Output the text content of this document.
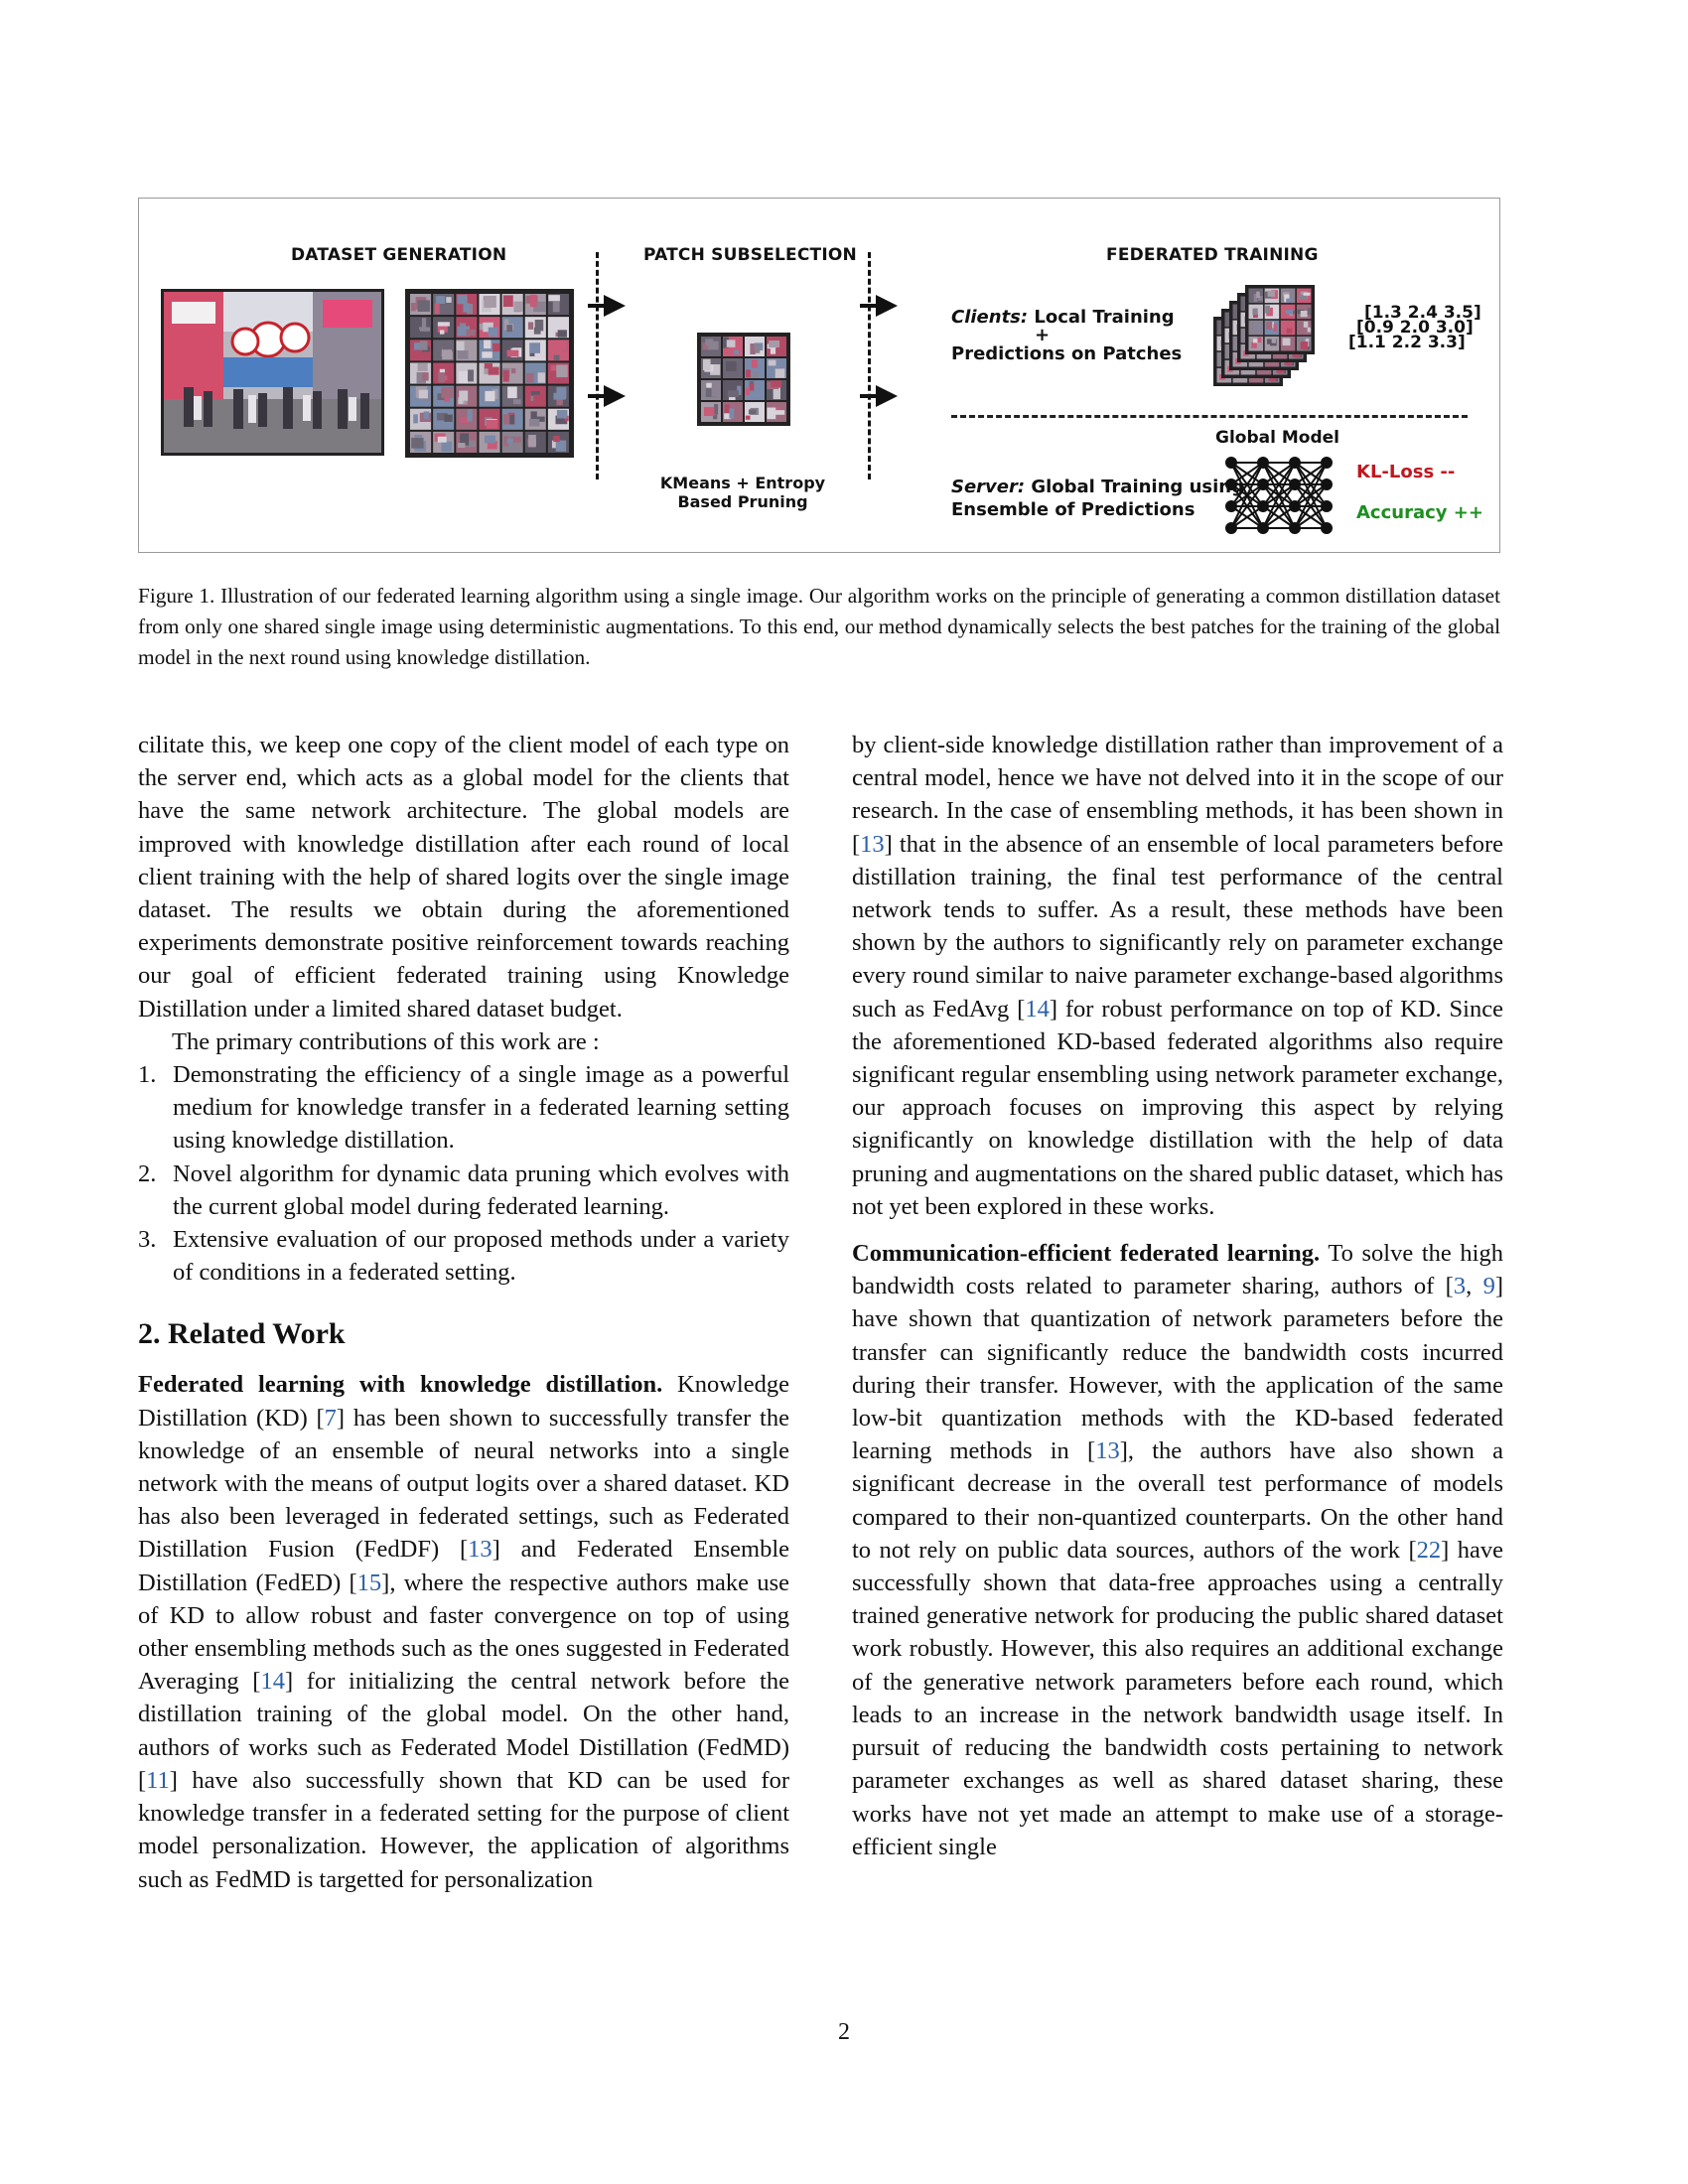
DATASET GENERATION	PATCH SUBSELECTION	FEDERATED TRAINING
KMeans + Entropy
Based Pruning
Clients: Local Training
+
Predictions on Patches
[1.3 2.4 3.5]
[0.9 2.0 3.0]
[1.1 2.2 3.3]
Global Model
Server: Global Training using
Ensemble of Predictions
KL-Loss --
Accuracy ++
Figure 1. Illustration of our federated learning algorithm using a single image. Our algorithm works on the principle of generating a common distillation dataset from only one shared single image using deterministic augmentations. To this end, our method dynamically selects the best patches for the training of the global model in the next round using knowledge distillation.

cilitate this, we keep one copy of the client model of each type on the server end, which acts as a global model for the clients that have the same network architecture. The global models are improved with knowledge distillation after each round of local client training with the help of shared logits over the single image dataset. The results we obtain during the aforementioned experiments demonstrate positive reinforcement towards reaching our goal of efficient federated training using Knowledge Distillation under a limited shared dataset budget.

The primary contributions of this work are :

1. Demonstrating the efficiency of a single image as a powerful medium for knowledge transfer in a federated learning setting using knowledge distillation.
2. Novel algorithm for dynamic data pruning which evolves with the current global model during federated learning.
3. Extensive evaluation of our proposed methods under a variety of conditions in a federated setting.
2. Related Work

Federated learning with knowledge distillation. Knowledge Distillation (KD) [7] has been shown to successfully transfer the knowledge of an ensemble of neural networks into a single network with the means of output logits over a shared dataset. KD has also been leveraged in federated settings, such as Federated Distillation Fusion (FedDF) [13] and Federated Ensemble Distillation (FedED) [15], where the respective authors make use of KD to allow robust and faster convergence on top of using other ensembling methods such as the ones suggested in Federated Averaging [14] for initializing the central network before the distillation training of the global model. On the other hand, authors of works such as Federated Model Distillation (FedMD) [11] have also successfully shown that KD can be used for knowledge transfer in a federated setting for the purpose of client model personalization. However, the application of algorithms such as FedMD is targetted for personalization

by client-side knowledge distillation rather than improvement of a central model, hence we have not delved into it in the scope of our research. In the case of ensembling methods, it has been shown in [13] that in the absence of an ensemble of local parameters before distillation training, the final test performance of the central network tends to suffer. As a result, these methods have been shown by the authors to significantly rely on parameter exchange every round similar to naive parameter exchange-based algorithms such as FedAvg [14] for robust performance on top of KD. Since the aforementioned KD-based federated algorithms also require significant regular ensembling using network parameter exchange, our approach focuses on improving this aspect by relying significantly on knowledge distillation with the help of data pruning and augmentations on the shared public dataset, which has not yet been explored in these works.

Communication-efficient federated learning. To solve the high bandwidth costs related to parameter sharing, authors of [3, 9] have shown that quantization of network parameters before the transfer can significantly reduce the bandwidth costs incurred during their transfer. However, with the application of the same low-bit quantization methods with the KD-based federated learning methods in [13], the authors have also shown a significant decrease in the overall test performance of models compared to their non-quantized counterparts. On the other hand to not rely on public data sources, authors of the work [22] have successfully shown that data-free approaches using a centrally trained generative network for producing the public shared dataset work robustly. However, this also requires an additional exchange of the generative network parameters before each round, which leads to an increase in the network bandwidth usage itself. In pursuit of reducing the bandwidth costs pertaining to network parameter exchanges as well as shared dataset sharing, these works have not yet made an attempt to make use of a storage-efficient single

2
